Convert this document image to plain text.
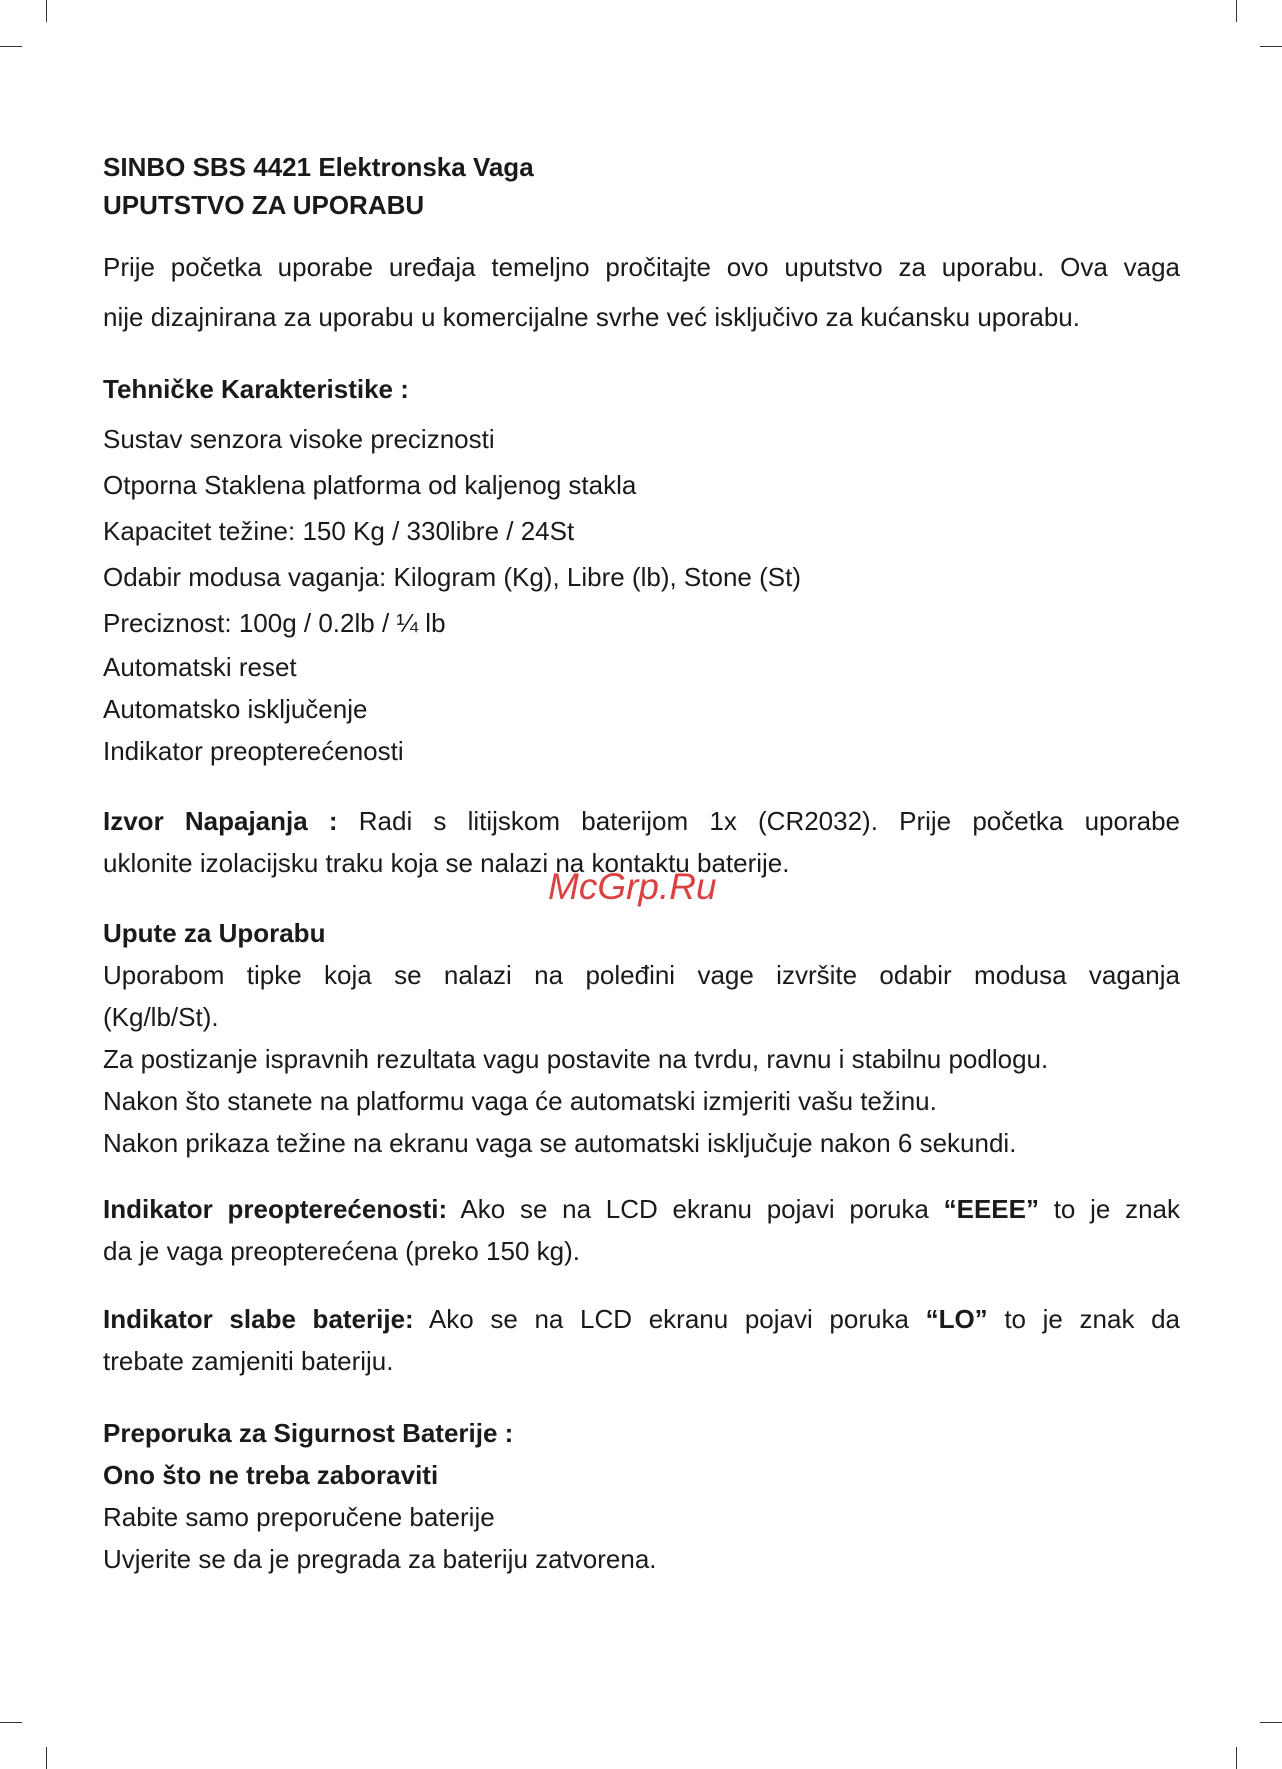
SINBO SBS 4421 Elektronska Vaga

UPUTSTVO ZA UPORABU

Prije početka uporabe uređaja temeljno pročitajte ovo uputstvo za uporabu. Ova vaga

nije dizajnirana za uporabu u komercijalne svrhe već isključivo za kućansku uporabu.

Tehničke Karakteristike :

Sustav senzora visoke preciznosti

Otporna Staklena platforma od kaljenog stakla

Kapacitet težine: 150 Kg / 330libre / 24St

Odabir modusa vaganja: Kilogram (Kg), Libre (lb), Stone (St)

Preciznost: 100g / 0.2lb / ¼ lb

Automatski reset

Automatsko isključenje

Indikator preopterećenosti

Izvor Napajanja : Radi s litijskom baterijom 1x (CR2032). Prije početka uporabe

uklonite izolacijsku traku koja se nalazi na kontaktu baterije.

Upute za Uporabu

Uporabom tipke koja se nalazi na poleđini vage izvršite odabir modusa vaganja

(Kg/lb/St).

Za postizanje ispravnih rezultata vagu postavite na tvrdu, ravnu i stabilnu podlogu.

Nakon što stanete na platformu vaga će automatski izmjeriti vašu težinu.

Nakon prikaza težine na ekranu vaga se automatski isključuje nakon 6 sekundi.

Indikator preopterećenosti: Ako se na LCD ekranu pojavi poruka “EEEE” to je znak

da je vaga preopterećena (preko 150 kg).

Indikator slabe baterije: Ako se na LCD ekranu pojavi poruka “LO” to je znak da

trebate zamjeniti bateriju.

Preporuka za Sigurnost Baterije :

Ono što ne treba zaboraviti

Rabite samo preporučene baterije

Uvjerite se da je pregrada za bateriju zatvorena.

McGrp.Ru
